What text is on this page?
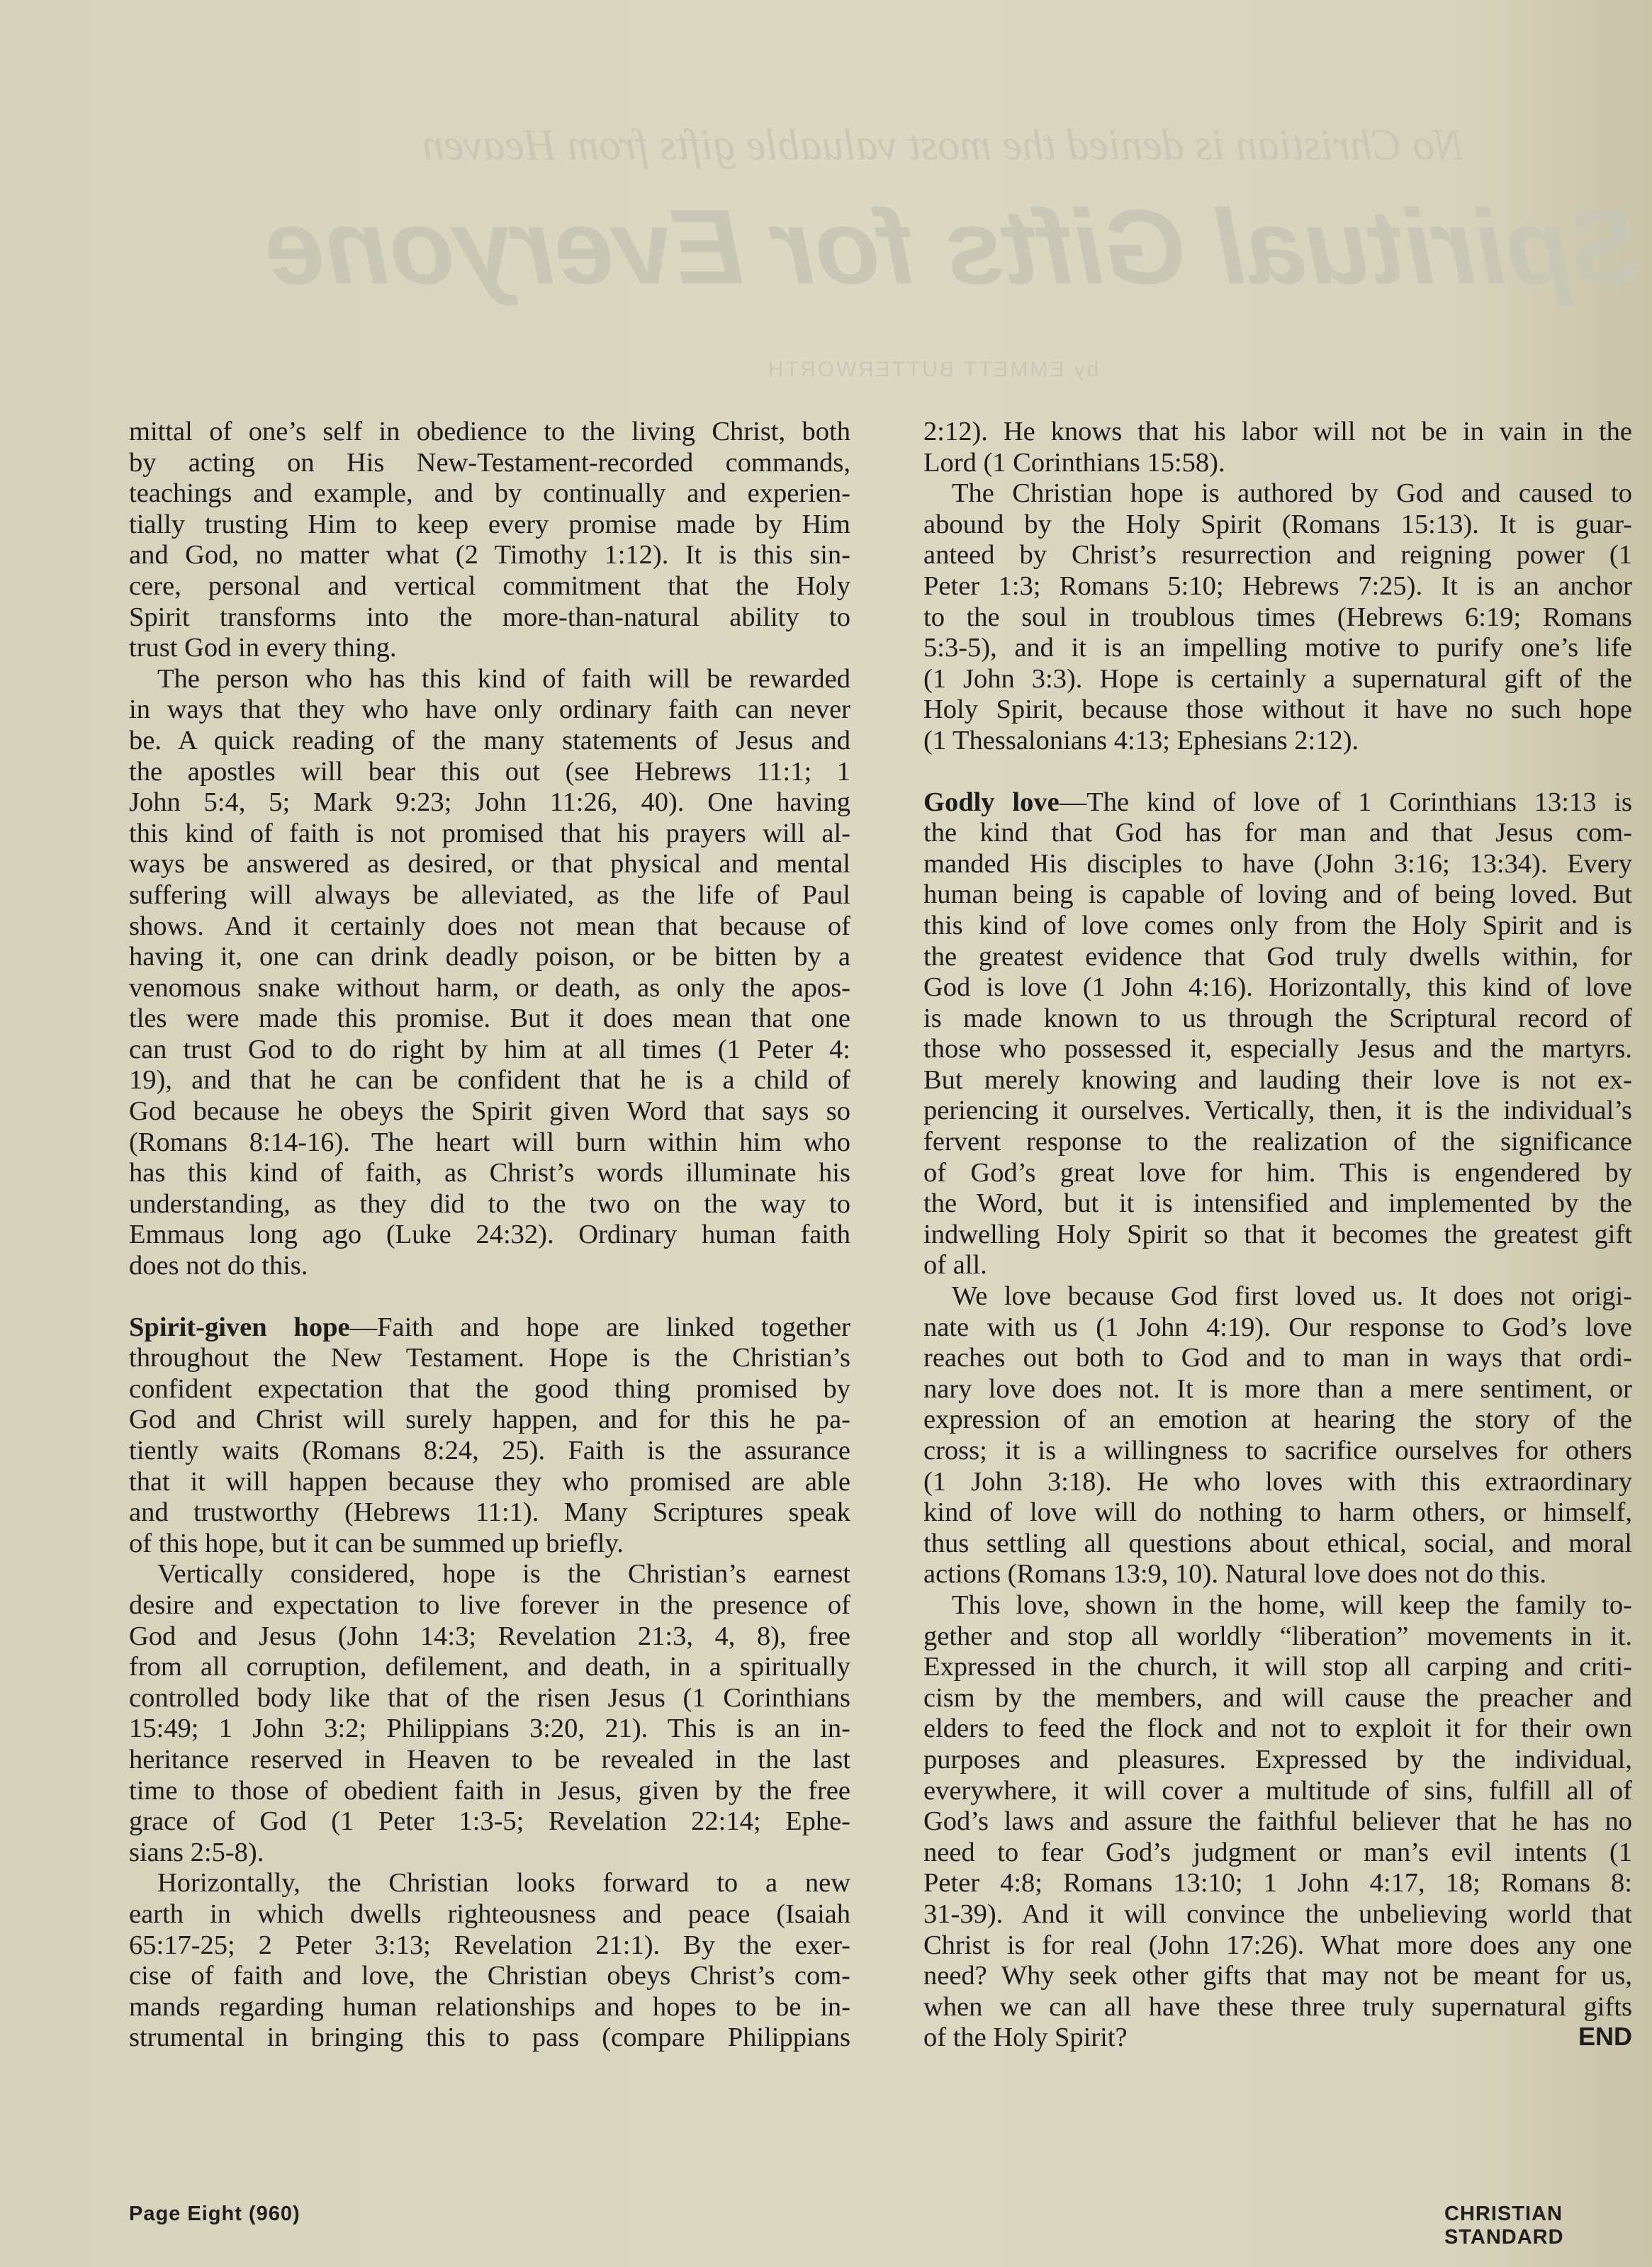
No Christian is denied the most valuable gifts from Heaven
Spiritual Gifts for Everyone
by EMMETT BUTTERWORTH

mittal of one’s self in obedience to the living Christ, both

by acting on His New-Testament-recorded commands,

teachings and example, and by continually and experien-

tially trusting Him to keep every promise made by Him

and God, no matter what (2 Timothy 1:12). It is this sin-

cere, personal and vertical commitment that the Holy

Spirit transforms into the more-than-natural ability to

trust God in every thing.

The person who has this kind of faith will be rewarded

in ways that they who have only ordinary faith can never

be. A quick reading of the many statements of Jesus and

the apostles will bear this out (see Hebrews 11:1; 1

John 5:4, 5; Mark 9:23; John 11:26, 40). One having

this kind of faith is not promised that his prayers will al-

ways be answered as desired, or that physical and mental

suffering will always be alleviated, as the life of Paul

shows. And it certainly does not mean that because of

having it, one can drink deadly poison, or be bitten by a

venomous snake without harm, or death, as only the apos-

tles were made this promise. But it does mean that one

can trust God to do right by him at all times (1 Peter 4:

19), and that he can be confident that he is a child of

God because he obeys the Spirit given Word that says so

(Romans 8:14-16). The heart will burn within him who

has this kind of faith, as Christ’s words illuminate his

understanding, as they did to the two on the way to

Emmaus long ago (Luke 24:32). Ordinary human faith

does not do this.

Spirit-given hope—Faith and hope are linked together

throughout the New Testament. Hope is the Christian’s

confident expectation that the good thing promised by

God and Christ will surely happen, and for this he pa-

tiently waits (Romans 8:24, 25). Faith is the assurance

that it will happen because they who promised are able

and trustworthy (Hebrews 11:1). Many Scriptures speak

of this hope, but it can be summed up briefly.

Vertically considered, hope is the Christian’s earnest

desire and expectation to live forever in the presence of

God and Jesus (John 14:3; Revelation 21:3, 4, 8), free

from all corruption, defilement, and death, in a spiritually

controlled body like that of the risen Jesus (1 Corinthians

15:49; 1 John 3:2; Philippians 3:20, 21). This is an in-

heritance reserved in Heaven to be revealed in the last

time to those of obedient faith in Jesus, given by the free

grace of God (1 Peter 1:3-5; Revelation 22:14; Ephe-

sians 2:5-8).

Horizontally, the Christian looks forward to a new

earth in which dwells righteousness and peace (Isaiah

65:17-25; 2 Peter 3:13; Revelation 21:1). By the exer-

cise of faith and love, the Christian obeys Christ’s com-

mands regarding human relationships and hopes to be in-

strumental in bringing this to pass (compare Philippians

2:12). He knows that his labor will not be in vain in the

Lord (1 Corinthians 15:58).

The Christian hope is authored by God and caused to

abound by the Holy Spirit (Romans 15:13). It is guar-

anteed by Christ’s resurrection and reigning power (1

Peter 1:3; Romans 5:10; Hebrews 7:25). It is an anchor

to the soul in troublous times (Hebrews 6:19; Romans

5:3-5), and it is an impelling motive to purify one’s life

(1 John 3:3). Hope is certainly a supernatural gift of the

Holy Spirit, because those without it have no such hope

(1 Thessalonians 4:13; Ephesians 2:12).

Godly love—The kind of love of 1 Corinthians 13:13 is

the kind that God has for man and that Jesus com-

manded His disciples to have (John 3:16; 13:34). Every

human being is capable of loving and of being loved. But

this kind of love comes only from the Holy Spirit and is

the greatest evidence that God truly dwells within, for

God is love (1 John 4:16). Horizontally, this kind of love

is made known to us through the Scriptural record of

those who possessed it, especially Jesus and the martyrs.

But merely knowing and lauding their love is not ex-

periencing it ourselves. Vertically, then, it is the individual’s

fervent response to the realization of the significance

of God’s great love for him. This is engendered by

the Word, but it is intensified and implemented by the

indwelling Holy Spirit so that it becomes the greatest gift

of all.

We love because God first loved us. It does not origi-

nate with us (1 John 4:19). Our response to God’s love

reaches out both to God and to man in ways that ordi-

nary love does not. It is more than a mere sentiment, or

expression of an emotion at hearing the story of the

cross; it is a willingness to sacrifice ourselves for others

(1 John 3:18). He who loves with this extraordinary

kind of love will do nothing to harm others, or himself,

thus settling all questions about ethical, social, and moral

actions (Romans 13:9, 10). Natural love does not do this.

This love, shown in the home, will keep the family to-

gether and stop all worldly “liberation” movements in it.

Expressed in the church, it will stop all carping and criti-

cism by the members, and will cause the preacher and

elders to feed the flock and not to exploit it for their own

purposes and pleasures. Expressed by the individual,

everywhere, it will cover a multitude of sins, fulfill all of

God’s laws and assure the faithful believer that he has no

need to fear God’s judgment or man’s evil intents (1

Peter 4:8; Romans 13:10; 1 John 4:17, 18; Romans 8:

31-39). And it will convince the unbelieving world that

Christ is for real (John 17:26). What more does any one

need? Why seek other gifts that may not be meant for us,

when we can all have these three truly supernatural gifts

END
of the Holy Spirit?

Page Eight (960)	CHRISTIAN STANDARD
